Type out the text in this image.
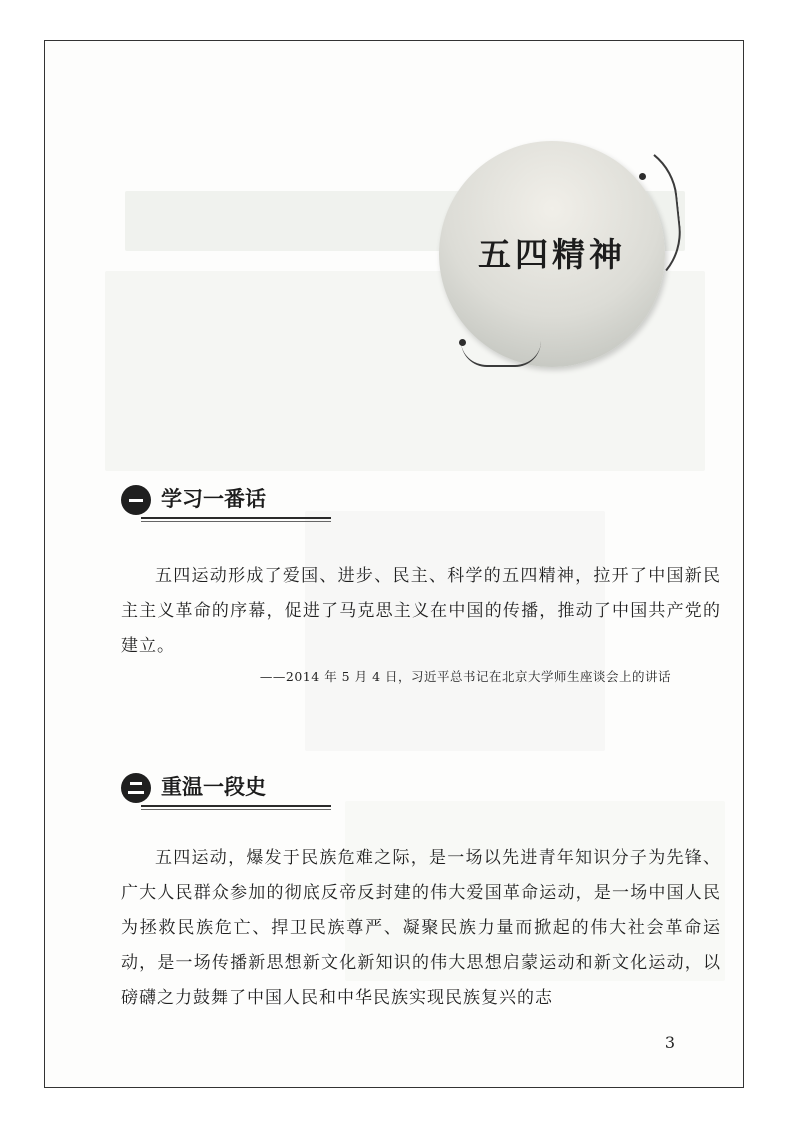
五四精神
学习一番话
五四运动形成了爱国、进步、民主、科学的五四精神，拉开了中国新民主主义革命的序幕，促进了马克思主义在中国的传播，推动了中国共产党的建立。
——2014 年 5 月 4 日，习近平总书记在北京大学师生座谈会上的讲话
重温一段史
五四运动，爆发于民族危难之际，是一场以先进青年知识分子为先锋、广大人民群众参加的彻底反帝反封建的伟大爱国革命运动，是一场中国人民为拯救民族危亡、捍卫民族尊严、凝聚民族力量而掀起的伟大社会革命运动，是一场传播新思想新文化新知识的伟大思想启蒙运动和新文化运动，以磅礴之力鼓舞了中国人民和中华民族实现民族复兴的志
3
